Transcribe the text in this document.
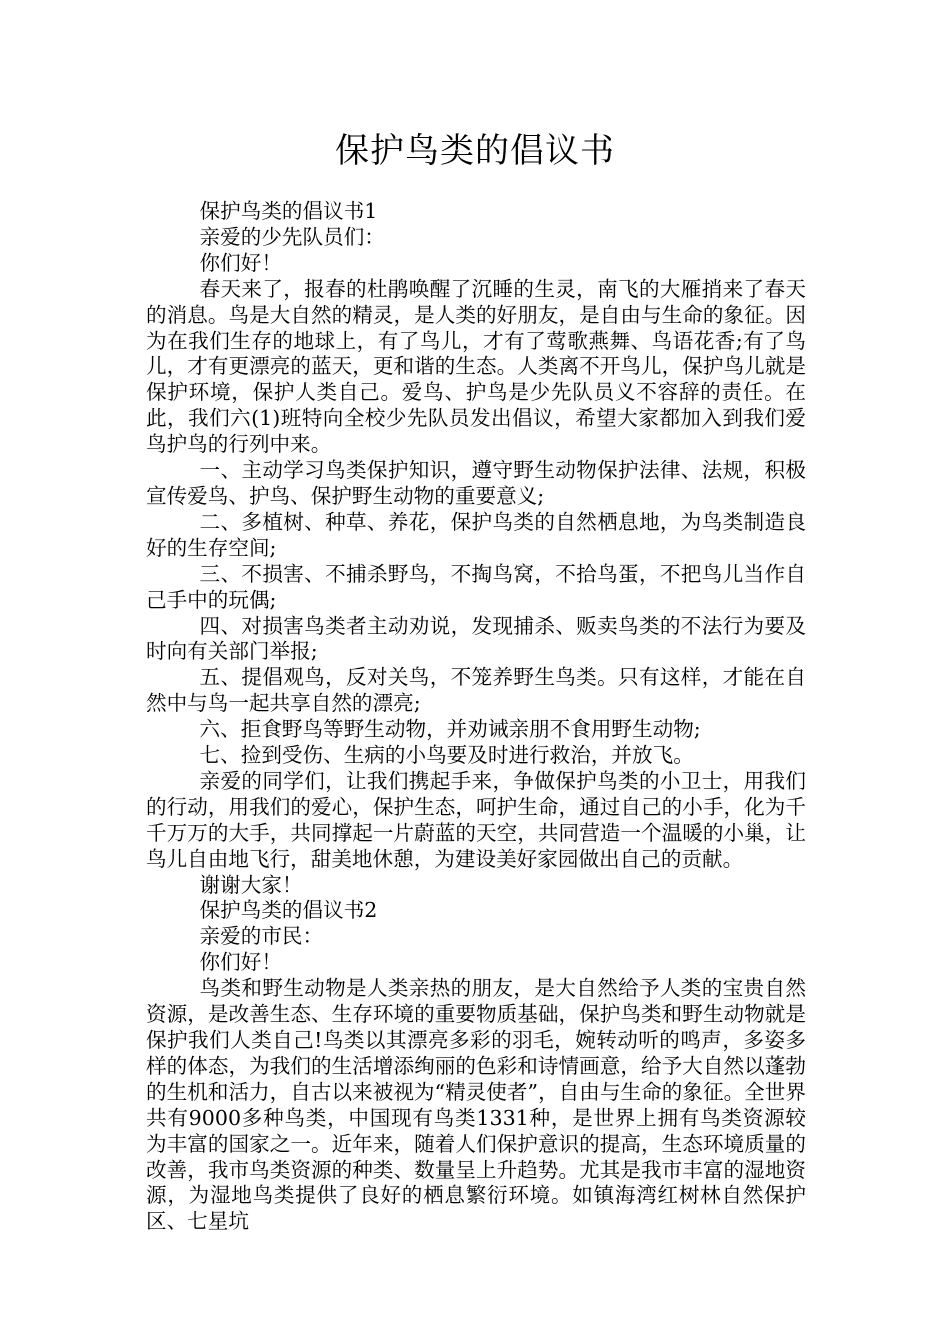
保护鸟类的倡议书

保护鸟类的倡议书1

亲爱的少先队员们：

你们好！

春天来了，报春的杜鹃唤醒了沉睡的生灵，南飞的大雁捎来了春天的消息。鸟是大自然的精灵，是人类的好朋友，是自由与生命的象征。因为在我们生存的地球上，有了鸟儿，才有了莺歌燕舞、鸟语花香;有了鸟儿，才有更漂亮的蓝天，更和谐的生态。人类离不开鸟儿，保护鸟儿就是保护环境，保护人类自己。爱鸟、护鸟是少先队员义不容辞的责任。在此，我们六(1)班特向全校少先队员发出倡议，希望大家都加入到我们爱鸟护鸟的行列中来。

一、主动学习鸟类保护知识，遵守野生动物保护法律、法规，积极宣传爱鸟、护鸟、保护野生动物的重要意义;

二、多植树、种草、养花，保护鸟类的自然栖息地，为鸟类制造良好的生存空间;

三、不损害、不捕杀野鸟，不掏鸟窝，不拾鸟蛋，不把鸟儿当作自己手中的玩偶;

四、对损害鸟类者主动劝说，发现捕杀、贩卖鸟类的不法行为要及时向有关部门举报;

五、提倡观鸟，反对关鸟，不笼养野生鸟类。只有这样，才能在自然中与鸟一起共享自然的漂亮;

六、拒食野鸟等野生动物，并劝诫亲朋不食用野生动物;

七、捡到受伤、生病的小鸟要及时进行救治，并放飞。

亲爱的同学们，让我们携起手来，争做保护鸟类的小卫士，用我们的行动，用我们的爱心，保护生态，呵护生命，通过自己的小手，化为千千万万的大手，共同撑起一片蔚蓝的天空，共同营造一个温暖的小巢，让鸟儿自由地飞行，甜美地休憩，为建设美好家园做出自己的贡献。

谢谢大家！

保护鸟类的倡议书2

亲爱的市民：

你们好！

鸟类和野生动物是人类亲热的朋友，是大自然给予人类的宝贵自然资源，是改善生态、生存环境的重要物质基础，保护鸟类和野生动物就是保护我们人类自己!鸟类以其漂亮多彩的羽毛，婉转动听的鸣声，多姿多样的体态，为我们的生活增添绚丽的色彩和诗情画意，给予大自然以蓬勃的生机和活力，自古以来被视为“精灵使者”，自由与生命的象征。全世界共有9000多种鸟类，中国现有鸟类1331种，是世界上拥有鸟类资源较为丰富的国家之一。近年来，随着人们保护意识的提高，生态环境质量的改善，我市鸟类资源的种类、数量呈上升趋势。尤其是我市丰富的湿地资源，为湿地鸟类提供了良好的栖息繁衍环境。如镇海湾红树林自然保护区、七星坑
